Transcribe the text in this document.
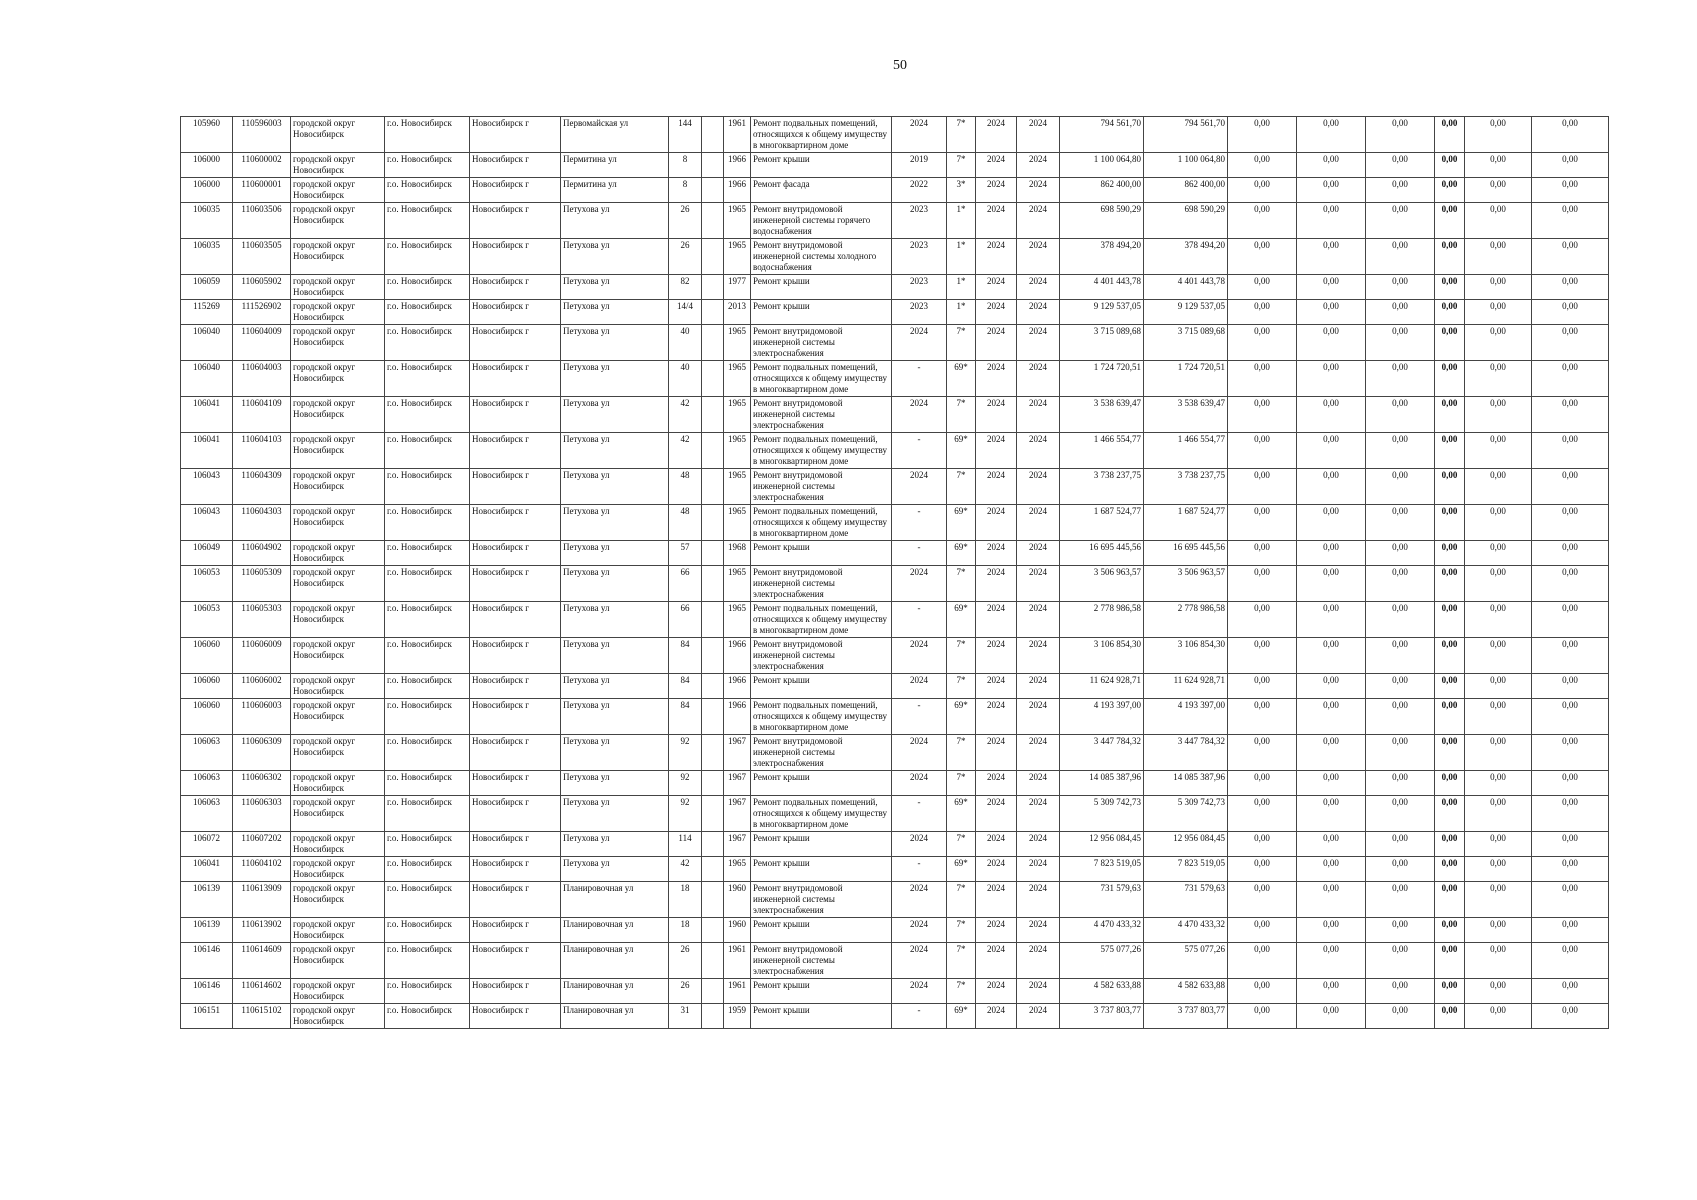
50
105960	110596003	городской округ Новосибирск	г.о. Новосибирск	Новосибирск г	Первомайская ул	144		1961	Ремонт подвальных помещений, относящихся к общему имуществу в многоквартирном доме	2024	7*	2024	2024	794 561,70	794 561,70	0,00	0,00	0,00	0,00	0,00	0,00
106000	110600002	городской округ Новосибирск	г.о. Новосибирск	Новосибирск г	Пермитина ул	8		1966	Ремонт крыши	2019	7*	2024	2024	1 100 064,80	1 100 064,80	0,00	0,00	0,00	0,00	0,00	0,00
106000	110600001	городской округ Новосибирск	г.о. Новосибирск	Новосибирск г	Пермитина ул	8		1966	Ремонт фасада	2022	3*	2024	2024	862 400,00	862 400,00	0,00	0,00	0,00	0,00	0,00	0,00
106035	110603506	городской округ Новосибирск	г.о. Новосибирск	Новосибирск г	Петухова ул	26		1965	Ремонт внутридомовой инженерной системы горячего водоснабжения	2023	1*	2024	2024	698 590,29	698 590,29	0,00	0,00	0,00	0,00	0,00	0,00
106035	110603505	городской округ Новосибирск	г.о. Новосибирск	Новосибирск г	Петухова ул	26		1965	Ремонт внутридомовой инженерной системы холодного водоснабжения	2023	1*	2024	2024	378 494,20	378 494,20	0,00	0,00	0,00	0,00	0,00	0,00
106059	110605902	городской округ Новосибирск	г.о. Новосибирск	Новосибирск г	Петухова ул	82		1977	Ремонт крыши	2023	1*	2024	2024	4 401 443,78	4 401 443,78	0,00	0,00	0,00	0,00	0,00	0,00
115269	111526902	городской округ Новосибирск	г.о. Новосибирск	Новосибирск г	Петухова ул	14/4		2013	Ремонт крыши	2023	1*	2024	2024	9 129 537,05	9 129 537,05	0,00	0,00	0,00	0,00	0,00	0,00
106040	110604009	городской округ Новосибирск	г.о. Новосибирск	Новосибирск г	Петухова ул	40		1965	Ремонт внутридомовой инженерной системы электроснабжения	2024	7*	2024	2024	3 715 089,68	3 715 089,68	0,00	0,00	0,00	0,00	0,00	0,00
106040	110604003	городской округ Новосибирск	г.о. Новосибирск	Новосибирск г	Петухова ул	40		1965	Ремонт подвальных помещений, относящихся к общему имуществу в многоквартирном доме	-	69*	2024	2024	1 724 720,51	1 724 720,51	0,00	0,00	0,00	0,00	0,00	0,00
106041	110604109	городской округ Новосибирск	г.о. Новосибирск	Новосибирск г	Петухова ул	42		1965	Ремонт внутридомовой инженерной системы электроснабжения	2024	7*	2024	2024	3 538 639,47	3 538 639,47	0,00	0,00	0,00	0,00	0,00	0,00
106041	110604103	городской округ Новосибирск	г.о. Новосибирск	Новосибирск г	Петухова ул	42		1965	Ремонт подвальных помещений, относящихся к общему имуществу в многоквартирном доме	-	69*	2024	2024	1 466 554,77	1 466 554,77	0,00	0,00	0,00	0,00	0,00	0,00
106043	110604309	городской округ Новосибирск	г.о. Новосибирск	Новосибирск г	Петухова ул	48		1965	Ремонт внутридомовой инженерной системы электроснабжения	2024	7*	2024	2024	3 738 237,75	3 738 237,75	0,00	0,00	0,00	0,00	0,00	0,00
106043	110604303	городской округ Новосибирск	г.о. Новосибирск	Новосибирск г	Петухова ул	48		1965	Ремонт подвальных помещений, относящихся к общему имуществу в многоквартирном доме	-	69*	2024	2024	1 687 524,77	1 687 524,77	0,00	0,00	0,00	0,00	0,00	0,00
106049	110604902	городской округ Новосибирск	г.о. Новосибирск	Новосибирск г	Петухова ул	57		1968	Ремонт крыши	-	69*	2024	2024	16 695 445,56	16 695 445,56	0,00	0,00	0,00	0,00	0,00	0,00
106053	110605309	городской округ Новосибирск	г.о. Новосибирск	Новосибирск г	Петухова ул	66		1965	Ремонт внутридомовой инженерной системы электроснабжения	2024	7*	2024	2024	3 506 963,57	3 506 963,57	0,00	0,00	0,00	0,00	0,00	0,00
106053	110605303	городской округ Новосибирск	г.о. Новосибирск	Новосибирск г	Петухова ул	66		1965	Ремонт подвальных помещений, относящихся к общему имуществу в многоквартирном доме	-	69*	2024	2024	2 778 986,58	2 778 986,58	0,00	0,00	0,00	0,00	0,00	0,00
106060	110606009	городской округ Новосибирск	г.о. Новосибирск	Новосибирск г	Петухова ул	84		1966	Ремонт внутридомовой инженерной системы электроснабжения	2024	7*	2024	2024	3 106 854,30	3 106 854,30	0,00	0,00	0,00	0,00	0,00	0,00
106060	110606002	городской округ Новосибирск	г.о. Новосибирск	Новосибирск г	Петухова ул	84		1966	Ремонт крыши	2024	7*	2024	2024	11 624 928,71	11 624 928,71	0,00	0,00	0,00	0,00	0,00	0,00
106060	110606003	городской округ Новосибирск	г.о. Новосибирск	Новосибирск г	Петухова ул	84		1966	Ремонт подвальных помещений, относящихся к общему имуществу в многоквартирном доме	-	69*	2024	2024	4 193 397,00	4 193 397,00	0,00	0,00	0,00	0,00	0,00	0,00
106063	110606309	городской округ Новосибирск	г.о. Новосибирск	Новосибирск г	Петухова ул	92		1967	Ремонт внутридомовой инженерной системы электроснабжения	2024	7*	2024	2024	3 447 784,32	3 447 784,32	0,00	0,00	0,00	0,00	0,00	0,00
106063	110606302	городской округ Новосибирск	г.о. Новосибирск	Новосибирск г	Петухова ул	92		1967	Ремонт крыши	2024	7*	2024	2024	14 085 387,96	14 085 387,96	0,00	0,00	0,00	0,00	0,00	0,00
106063	110606303	городской округ Новосибирск	г.о. Новосибирск	Новосибирск г	Петухова ул	92		1967	Ремонт подвальных помещений, относящихся к общему имуществу в многоквартирном доме	-	69*	2024	2024	5 309 742,73	5 309 742,73	0,00	0,00	0,00	0,00	0,00	0,00
106072	110607202	городской округ Новосибирск	г.о. Новосибирск	Новосибирск г	Петухова ул	114		1967	Ремонт крыши	2024	7*	2024	2024	12 956 084,45	12 956 084,45	0,00	0,00	0,00	0,00	0,00	0,00
106041	110604102	городской округ Новосибирск	г.о. Новосибирск	Новосибирск г	Петухова ул	42		1965	Ремонт крыши	-	69*	2024	2024	7 823 519,05	7 823 519,05	0,00	0,00	0,00	0,00	0,00	0,00
106139	110613909	городской округ Новосибирск	г.о. Новосибирск	Новосибирск г	Планировочная ул	18		1960	Ремонт внутридомовой инженерной системы электроснабжения	2024	7*	2024	2024	731 579,63	731 579,63	0,00	0,00	0,00	0,00	0,00	0,00
106139	110613902	городской округ Новосибирск	г.о. Новосибирск	Новосибирск г	Планировочная ул	18		1960	Ремонт крыши	2024	7*	2024	2024	4 470 433,32	4 470 433,32	0,00	0,00	0,00	0,00	0,00	0,00
106146	110614609	городской округ Новосибирск	г.о. Новосибирск	Новосибирск г	Планировочная ул	26		1961	Ремонт внутридомовой инженерной системы электроснабжения	2024	7*	2024	2024	575 077,26	575 077,26	0,00	0,00	0,00	0,00	0,00	0,00
106146	110614602	городской округ Новосибирск	г.о. Новосибирск	Новосибирск г	Планировочная ул	26		1961	Ремонт крыши	2024	7*	2024	2024	4 582 633,88	4 582 633,88	0,00	0,00	0,00	0,00	0,00	0,00
106151	110615102	городской округ Новосибирск	г.о. Новосибирск	Новосибирск г	Планировочная ул	31		1959	Ремонт крыши	-	69*	2024	2024	3 737 803,77	3 737 803,77	0,00	0,00	0,00	0,00	0,00	0,00
